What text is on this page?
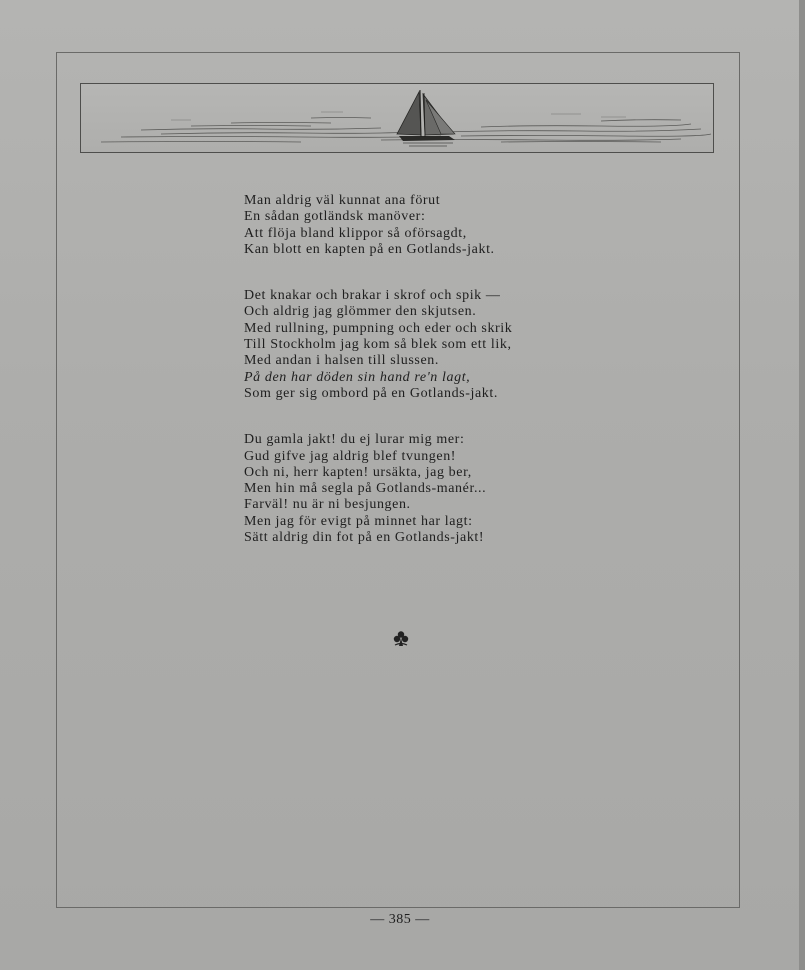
Man aldrig väl kunnat ana förut
En sådan gotländsk manöver:
Att flöja bland klippor så oförsagdt,
Kan blott en kapten på en Gotlands-jakt.
Det knakar och brakar i skrof och spik —
Och aldrig jag glömmer den skjutsen.
Med rullning, pumpning och eder och skrik
Till Stockholm jag kom så blek som ett lik,
Med andan i halsen till slussen.
På den har döden sin hand re'n lagt,
Som ger sig ombord på en Gotlands-jakt.
Du gamla jakt! du ej lurar mig mer:
Gud gifve jag aldrig blef tvungen!
Och ni, herr kapten! ursäkta, jag ber,
Men hin må segla på Gotlands-manér...
Farväl! nu är ni besjungen.
Men jag för evigt på minnet har lagt:
Sätt aldrig din fot på en Gotlands-jakt!
— 385 —
